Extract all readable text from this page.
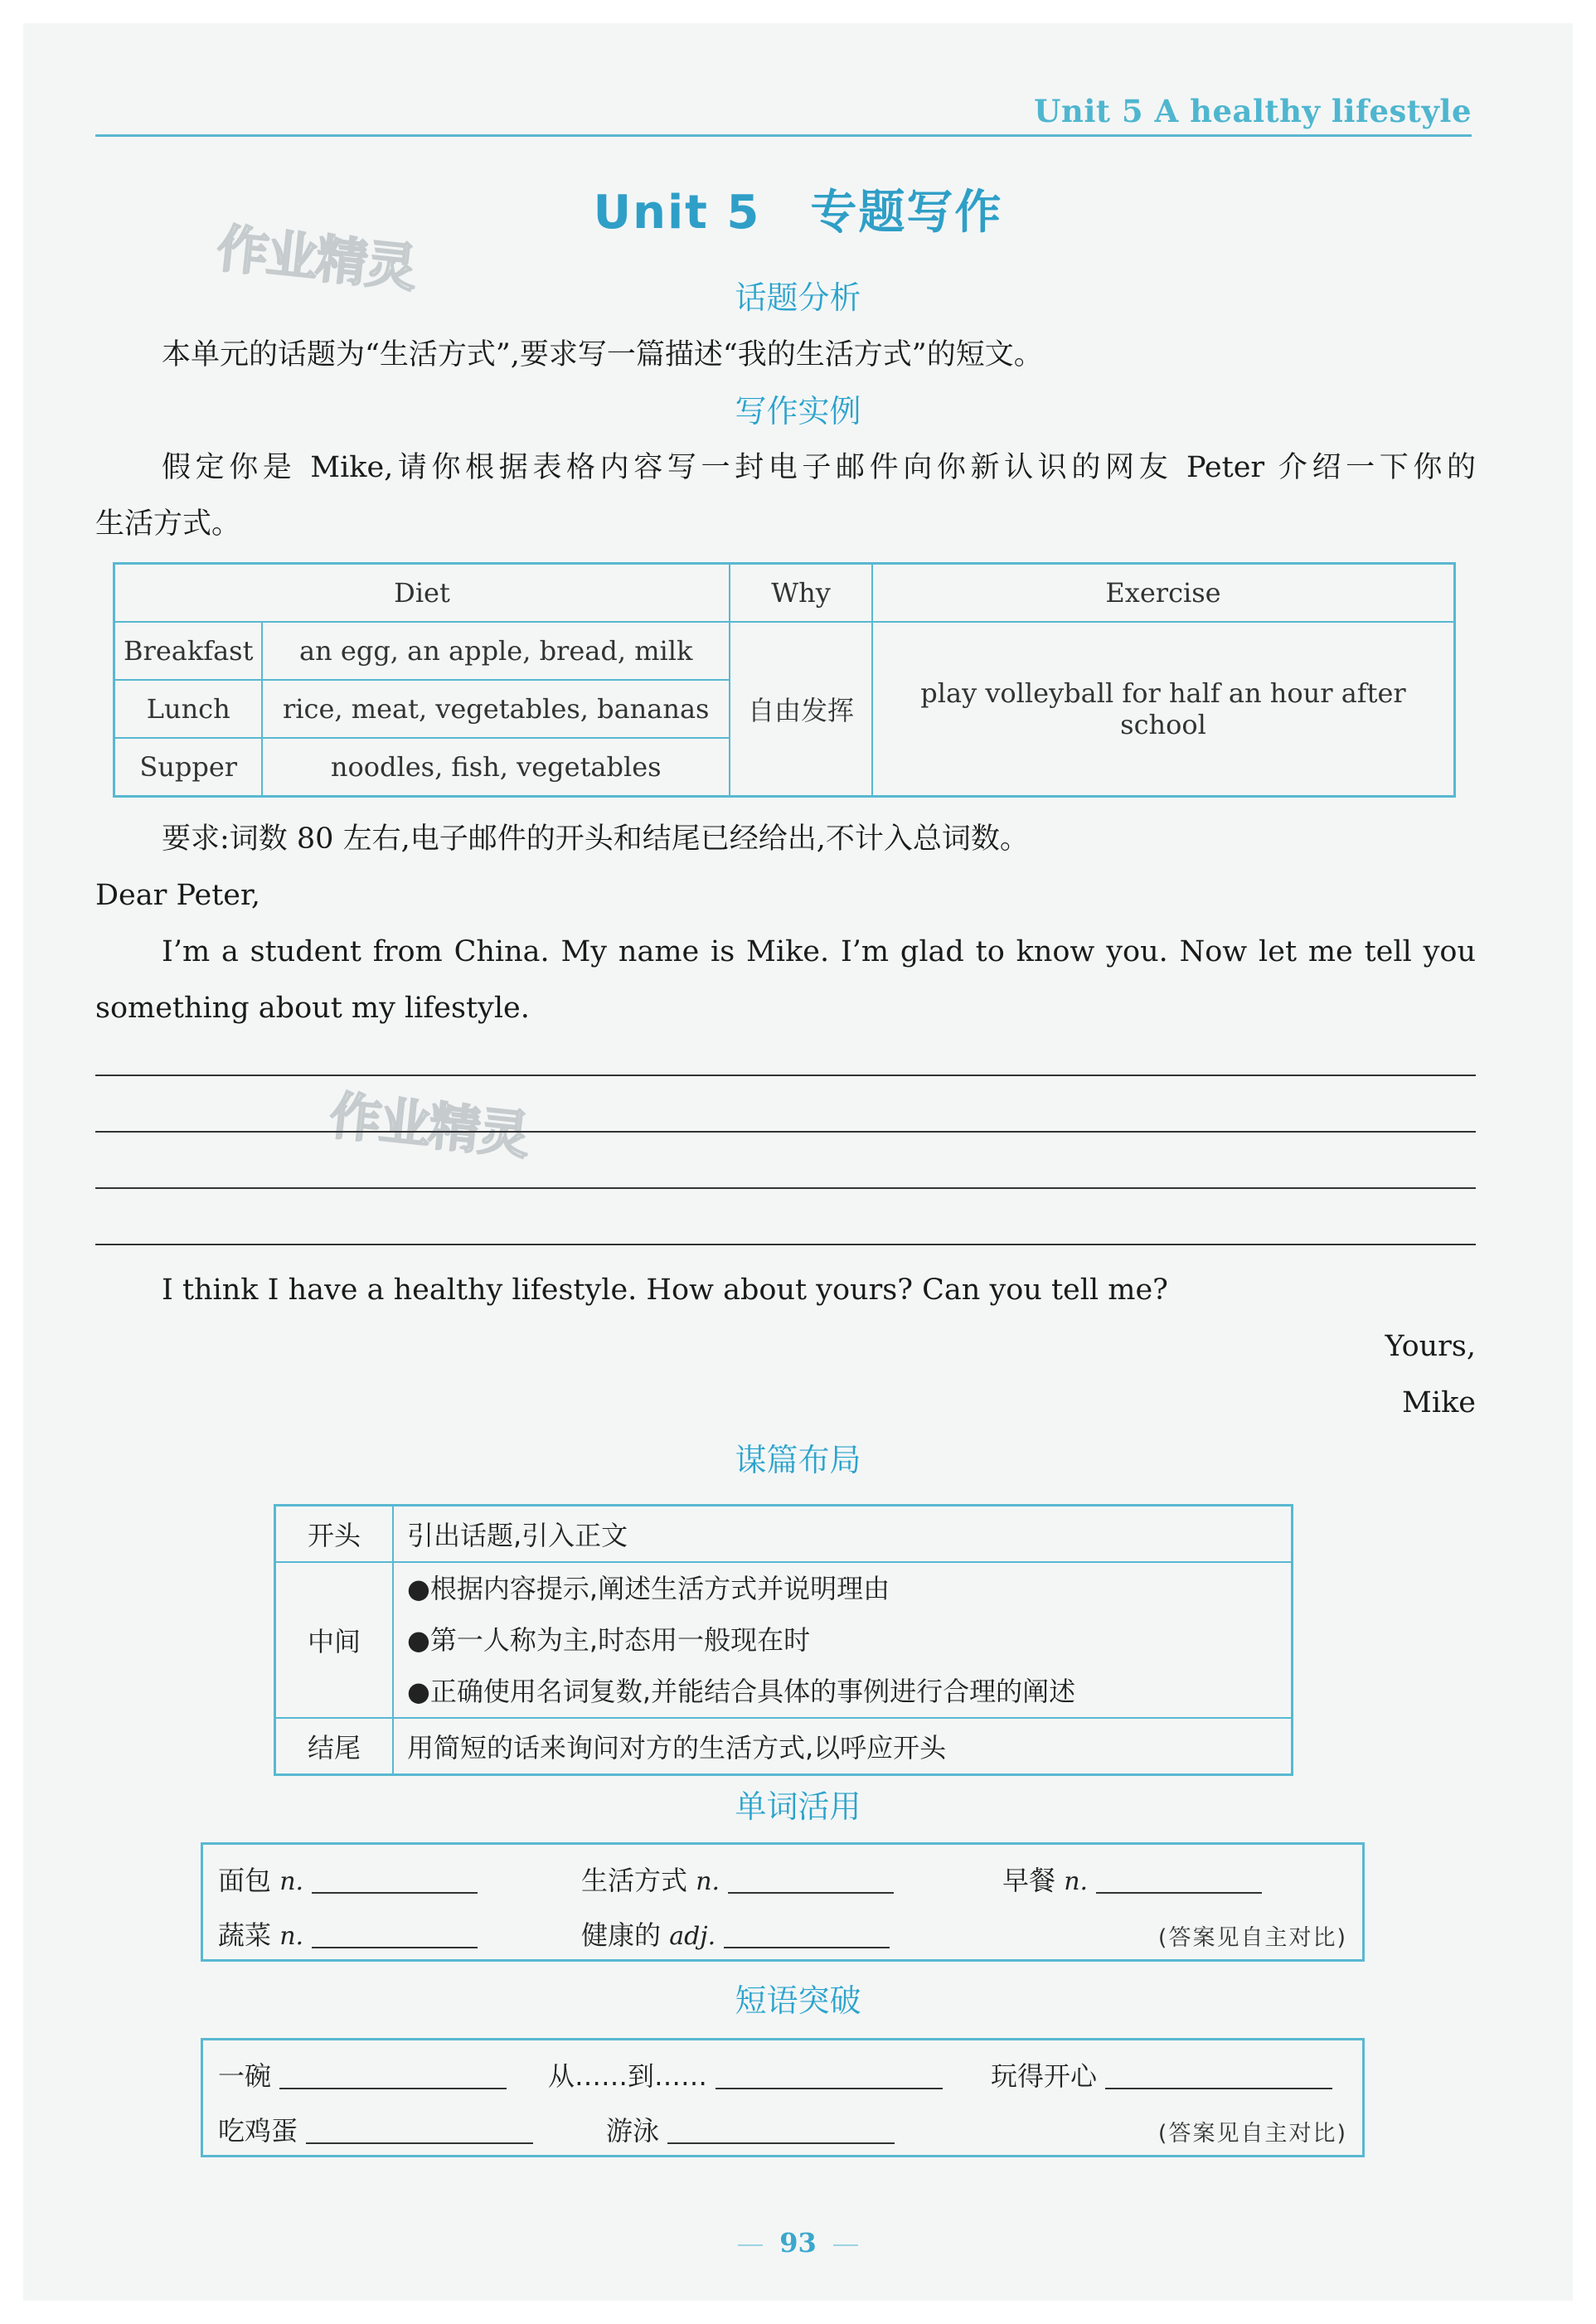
Unit 5 A healthy lifestyle
Unit 5 专题写作
作业精灵
作业精灵
话题分析
本单元的话题为“生活方式”,要求写一篇描述“我的生活方式”的短文。
写作实例
假定你是 Mike,请你根据表格内容写一封电子邮件向你新认识的网友 Peter 介绍一下你的
生活方式。
Diet		Why	Exercise
Breakfast	an egg, an apple, bread, milk	自由发挥	play volleyball for half an hour after school
Lunch	rice, meat, vegetables, bananas		
Supper	noodles, fish, vegetables		
要求:词数 80 左右,电子邮件的开头和结尾已经给出,不计入总词数。
Dear Peter,
I’m a student from China. My name is Mike. I’m glad to know you. Now let me tell you
something about my lifestyle.
I think I have a healthy lifestyle. How about yours? Can you tell me?
Yours,
Mike
谋篇布局
开头	引出话题,引入正文
中间	●根据内容提示,阐述生活方式并说明理由
●第一人称为主,时态用一般现在时
●正确使用名词复数,并能结合具体的事例进行合理的阐述

结尾	用简短的话来询问对方的生活方式,以呼应开头
单词活用
面包 n.	生活方式 n.	早餐 n.
蔬菜 n.	健康的 adj.	(答案见自主对比)
短语突破
一碗	从……到……	玩得开心
吃鸡蛋	游泳	(答案见自主对比)
93
